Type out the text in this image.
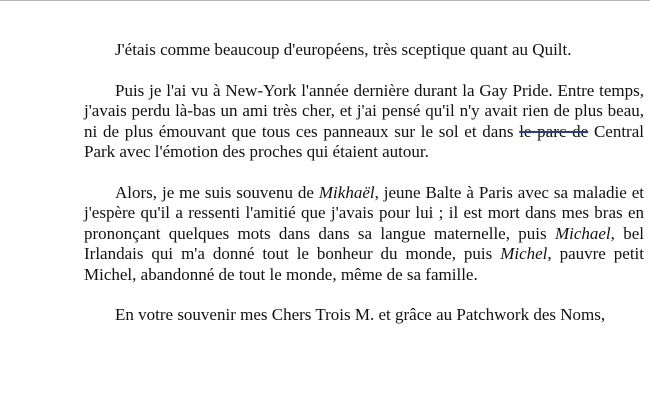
J'étais comme beaucoup d'européens, très sceptique quant au Quilt.

Puis je l'ai vu à New-York l'année dernière durant la Gay Pride. Entre temps, j'avais perdu là-bas un ami très cher, et j'ai pensé qu'il n'y avait rien de plus beau, ni de plus émouvant que tous ces panneaux sur le sol et dans le parc de Central Park avec l'émotion des proches qui étaient autour.

Alors, je me suis souvenu de Mikhaël, jeune Balte à Paris avec sa maladie et j'espère qu'il a ressenti l'amitié que j'avais pour lui ; il est mort dans mes bras en prononçant quelques mots dans dans sa langue maternelle, puis Michael, bel Irlandais qui m'a donné tout le bonheur du monde, puis Michel, pauvre petit Michel, abandonné de tout le monde, même de sa famille.

En votre souvenir mes Chers Trois M. et grâce au Patchwork des Noms,
